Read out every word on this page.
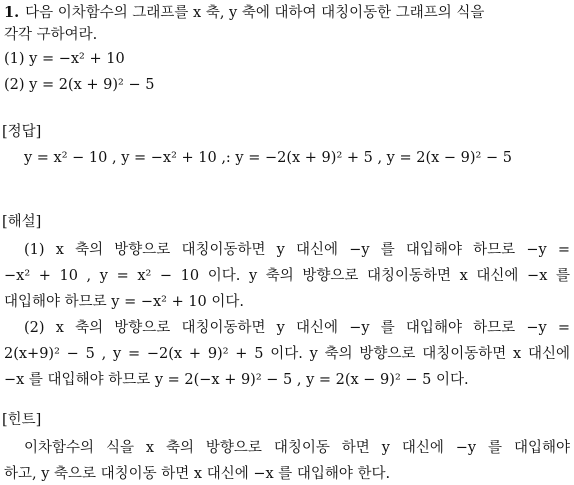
1. 다음 이차함수의 그래프를 x 축, y 축에 대하여 대칭이동한 그래프의 식을
각각 구하여라.
(1) y = −x² + 10
(2) y = 2(x + 9)² − 5
[정답]
y = x² − 10 , y = −x² + 10 ,: y = −2(x + 9)² + 5 , y = 2(x − 9)² − 5
[해설]
(1) x 축의 방향으로 대칭이동하면 y 대신에 −y 를 대입해야 하므로 −y =
−x² + 10 , y = x² − 10 이다. y 축의 방향으로 대칭이동하면 x 대신에 −x 를
대입해야 하므로 y = −x² + 10 이다.
(2) x 축의 방향으로 대칭이동하면 y 대신에 −y 를 대입해야 하므로 −y =
2(x+9)² − 5 , y = −2(x + 9)² + 5 이다. y 축의 방향으로 대칭이동하면 x 대신에
−x 를 대입해야 하므로 y = 2(−x + 9)² − 5 , y = 2(x − 9)² − 5 이다.
[힌트]
이차함수의 식을 x 축의 방향으로 대칭이동 하면 y 대신에 −y 를 대입해야
하고, y 축으로 대칭이동 하면 x 대신에 −x 를 대입해야 한다.
